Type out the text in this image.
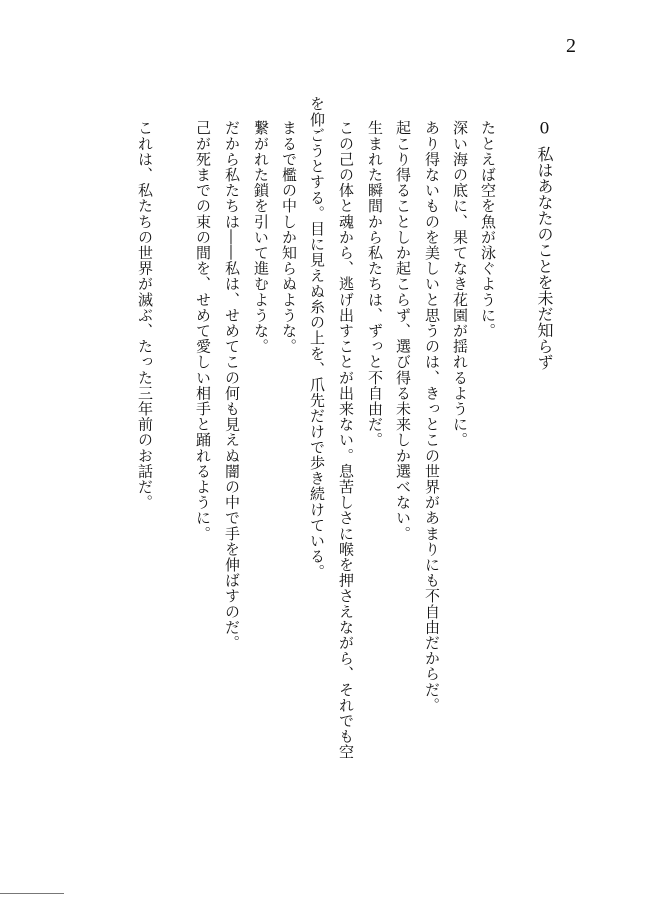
2
0私はあなたのことを未だ知らず
たとえば空を魚が泳ぐように。
深い海の底に、果てなき花園が揺れるように。
あり得ないものを美しいと思うのは、きっとこの世界があまりにも不自由だからだ。
起こり得ることしか起こらず、選び得る未来しか選べない。
生まれた瞬間から私たちは、ずっと不自由だ。
この己の体と魂から、逃げ出すことが出来ない。息苦しさに喉を押さえながら、それでも空
を仰ごうとする。目に見えぬ糸の上を、爪先だけで歩き続けている。
まるで檻の中しか知らぬような。
繋がれた鎖を引いて進むような。
だから私たちは――私は、せめてこの何も見えぬ闇の中で手を伸ばすのだ。
己が死までの束の間を、せめて愛しい相手と踊れるように。
これは、私たちの世界が滅ぶ、たった三年前のお話だ。
